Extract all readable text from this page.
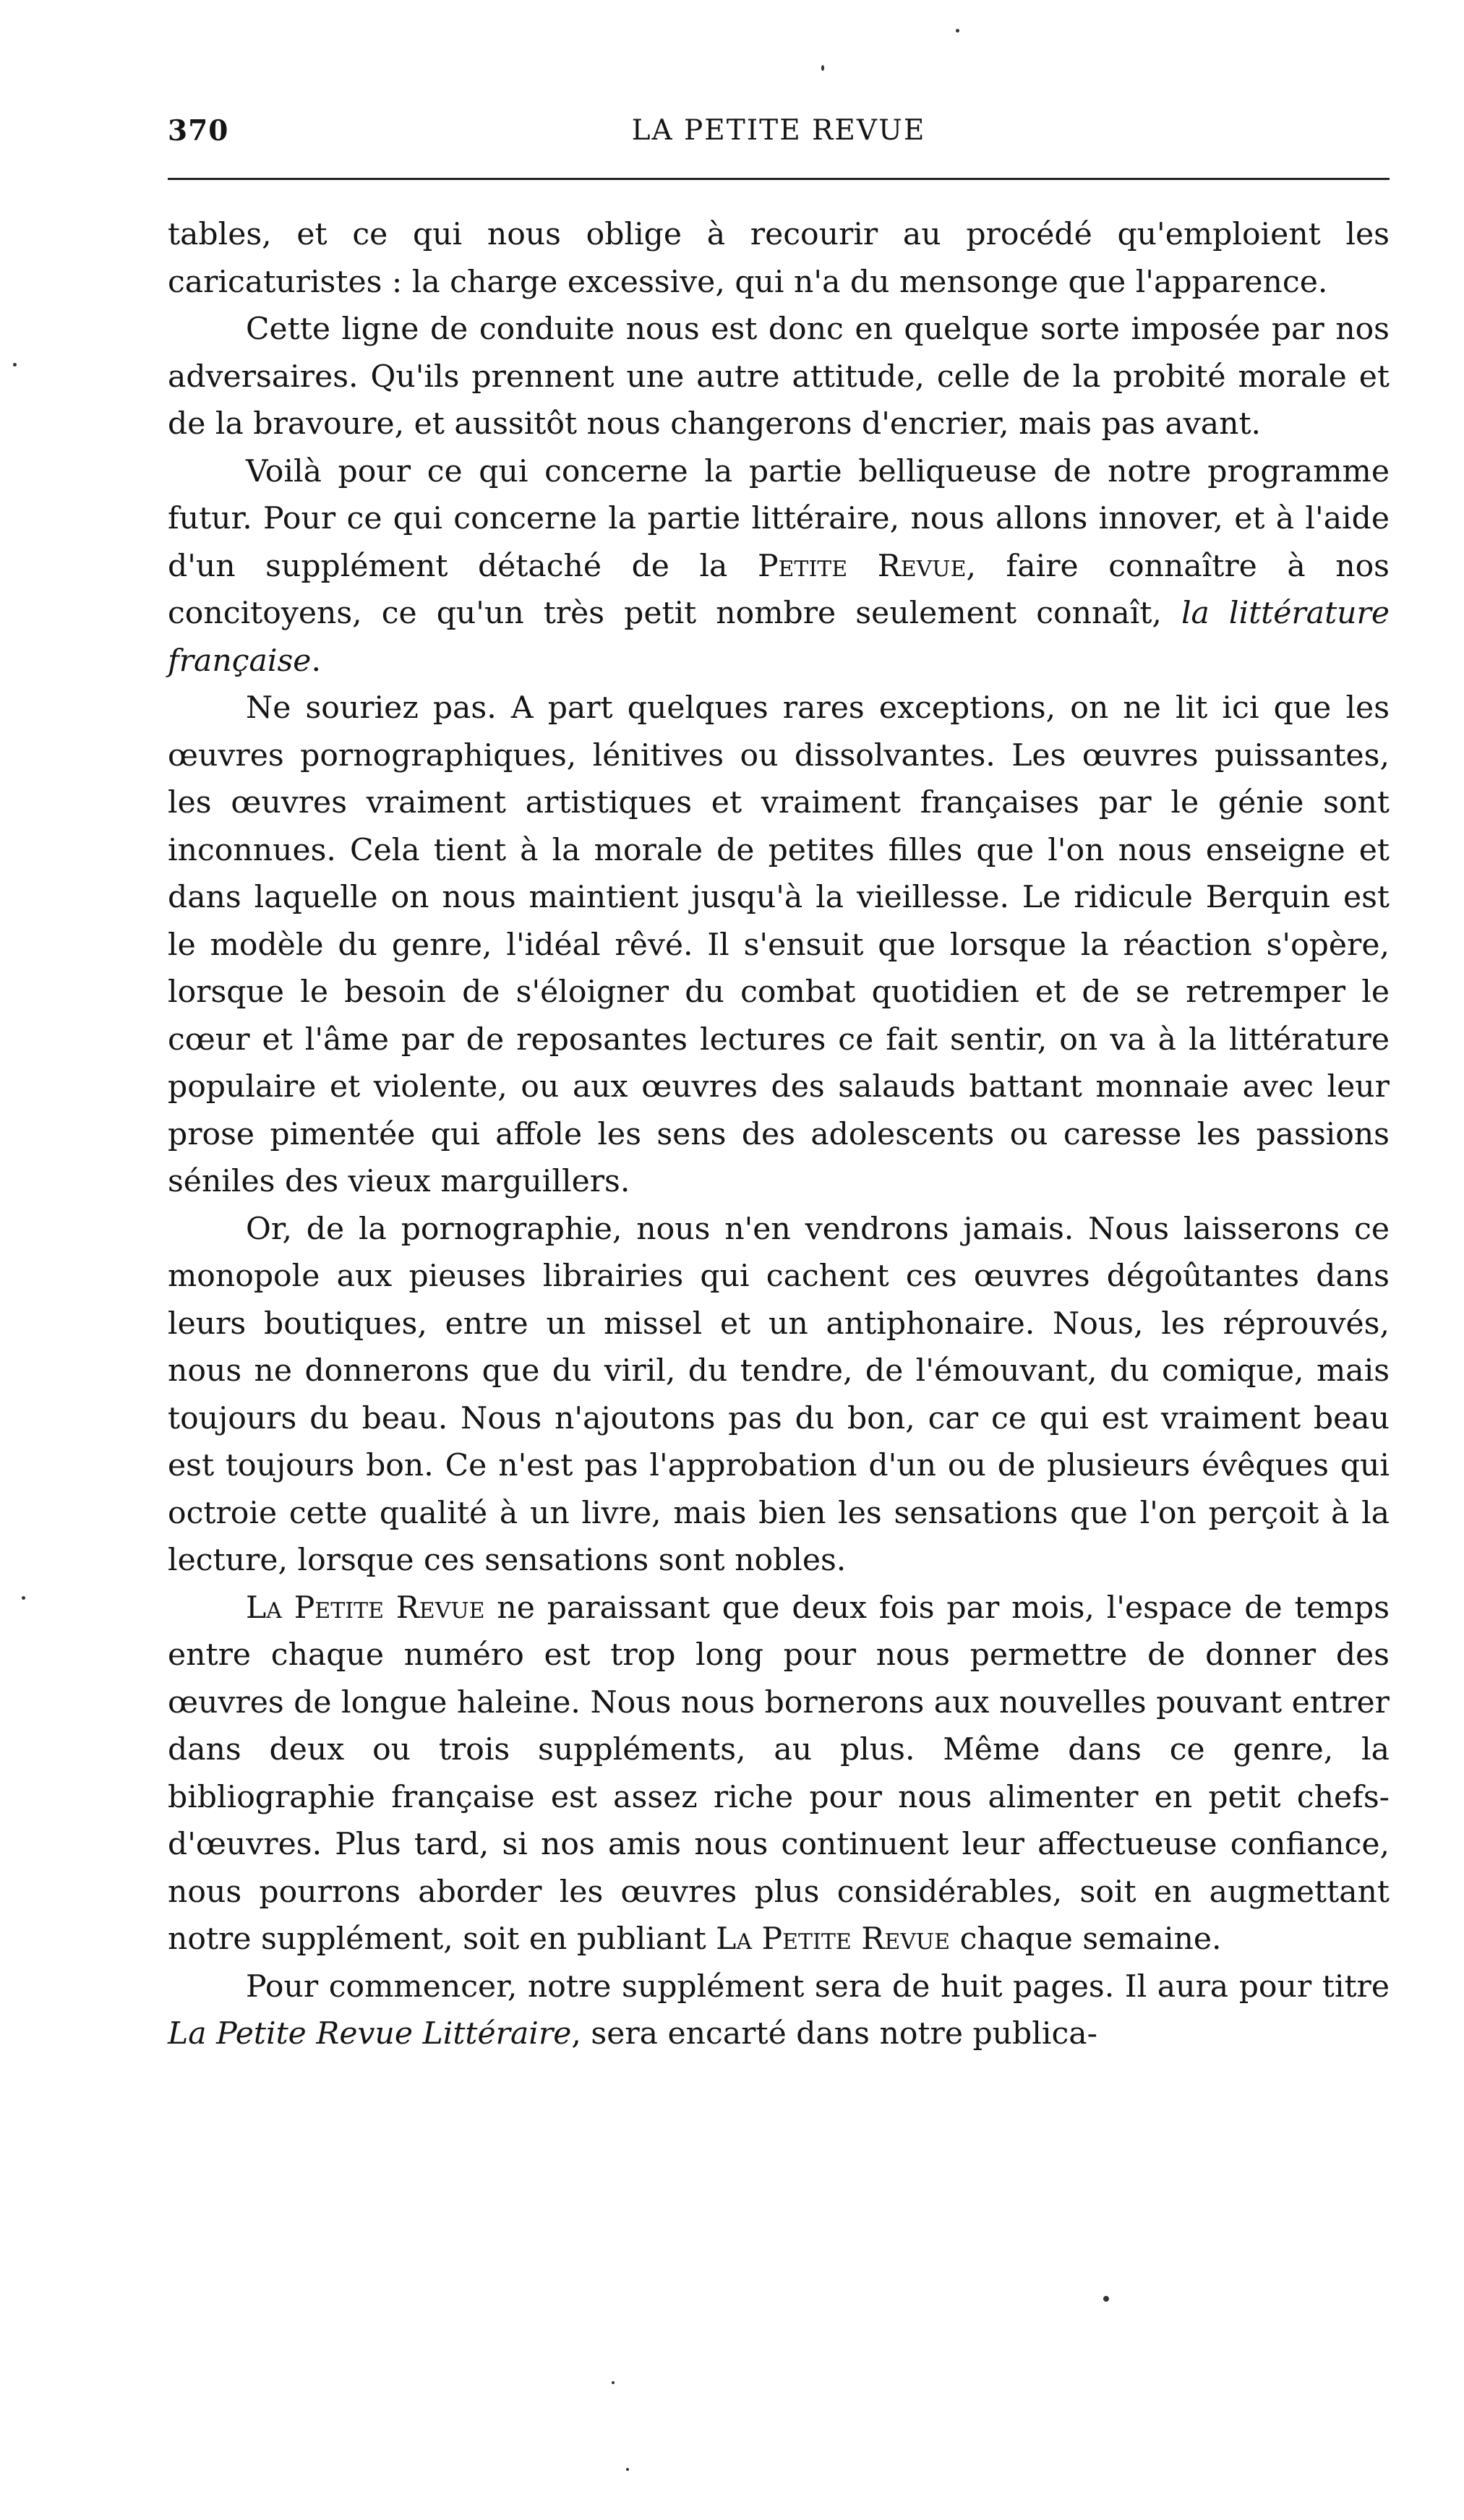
370	LA PETITE REVUE

tables, et ce qui nous oblige à recourir au procédé qu'emploient les caricaturistes : la charge excessive, qui n'a du mensonge que l'apparence.

Cette ligne de conduite nous est donc en quelque sorte imposée par nos adversaires. Qu'ils prennent une autre attitude, celle de la probité morale et de la bravoure, et aussitôt nous changerons d'encrier, mais pas avant.

Voilà pour ce qui concerne la partie belliqueuse de notre programme futur. Pour ce qui concerne la partie littéraire, nous allons innover, et à l'aide d'un supplément détaché de la Petite Revue, faire connaître à nos concitoyens, ce qu'un très petit nombre seulement connaît, la littérature française.

Ne souriez pas. A part quelques rares exceptions, on ne lit ici que les œuvres pornographiques, lénitives ou dissolvantes. Les œuvres puissantes, les œuvres vraiment artistiques et vraiment françaises par le génie sont inconnues. Cela tient à la morale de petites filles que l'on nous enseigne et dans laquelle on nous maintient jusqu'à la vieillesse. Le ridicule Berquin est le modèle du genre, l'idéal rêvé. Il s'ensuit que lorsque la réaction s'opère, lorsque le besoin de s'éloigner du combat quotidien et de se retremper le cœur et l'âme par de reposantes lectures ce fait sentir, on va à la littérature populaire et violente, ou aux œuvres des salauds battant monnaie avec leur prose pimentée qui affole les sens des adolescents ou caresse les passions séniles des vieux marguillers.

Or, de la pornographie, nous n'en vendrons jamais. Nous laisserons ce monopole aux pieuses librairies qui cachent ces œuvres dégoûtantes dans leurs boutiques, entre un missel et un antiphonaire. Nous, les réprouvés, nous ne donnerons que du viril, du tendre, de l'émouvant, du comique, mais toujours du beau. Nous n'ajoutons pas du bon, car ce qui est vraiment beau est toujours bon. Ce n'est pas l'approbation d'un ou de plusieurs évêques qui octroie cette qualité à un livre, mais bien les sensations que l'on perçoit à la lecture, lorsque ces sensations sont nobles.

La Petite Revue ne paraissant que deux fois par mois, l'espace de temps entre chaque numéro est trop long pour nous permettre de donner des œuvres de longue haleine. Nous nous bornerons aux nouvelles pouvant entrer dans deux ou trois suppléments, au plus. Même dans ce genre, la bibliographie française est assez riche pour nous alimenter en petit chefs-d'œuvres. Plus tard, si nos amis nous continuent leur affectueuse confiance, nous pourrons aborder les œuvres plus considérables, soit en augmettant notre supplément, soit en publiant La Petite Revue chaque semaine.

Pour commencer, notre supplément sera de huit pages. Il aura pour titre La Petite Revue Littéraire, sera encarté dans notre publica-
